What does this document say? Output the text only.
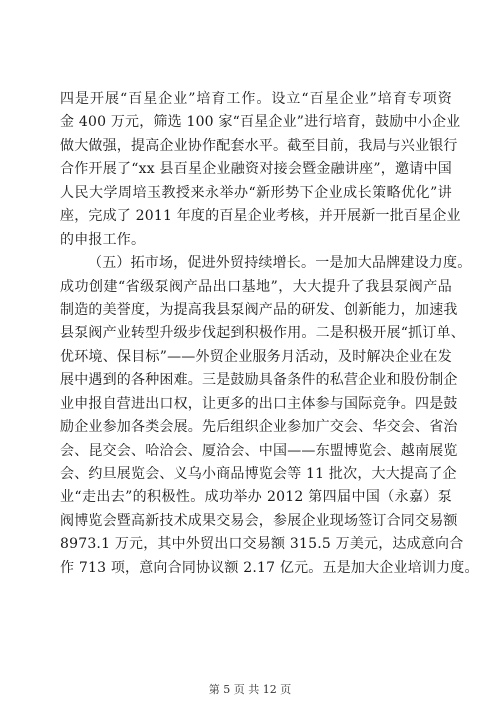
四是开展“百星企业”培育工作。设立“百星企业”培育专项资
金 400 万元，筛选 100 家“百星企业”进行培育，鼓励中小企业
做大做强，提高企业协作配套水平。截至目前，我局与兴业银行
合作开展了“xx 县百星企业融资对接会暨金融讲座”，邀请中国
人民大学周培玉教授来永举办“新形势下企业成长策略优化”讲
座，完成了 2011 年度的百星企业考核，并开展新一批百星企业
的申报工作。
（五）拓市场，促进外贸持续增长。一是加大品牌建设力度。
成功创建“省级泵阀产品出口基地”，大大提升了我县泵阀产品
制造的美誉度，为提高我县泵阀产品的研发、创新能力，加速我
县泵阀产业转型升级步伐起到积极作用。二是积极开展“抓订单、
优环境、保目标”——外贸企业服务月活动，及时解决企业在发
展中遇到的各种困难。三是鼓励具备条件的私营企业和股份制企
业申报自营进出口权，让更多的出口主体参与国际竞争。四是鼓
励企业参加各类会展。先后组织企业参加广交会、华交会、省治
会、昆交会、哈洽会、厦洽会、中国——东盟博览会、越南展览
会、约旦展览会、义乌小商品博览会等 11 批次，大大提高了企
业“走出去”的积极性。成功举办 2012 第四届中国（永嘉）泵
阀博览会暨高新技术成果交易会，参展企业现场签订合同交易额
8973.1 万元，其中外贸出口交易额 315.5 万美元，达成意向合
作 713 项，意向合同协议额 2.17 亿元。五是加大企业培训力度。
第 5 页 共 12 页
